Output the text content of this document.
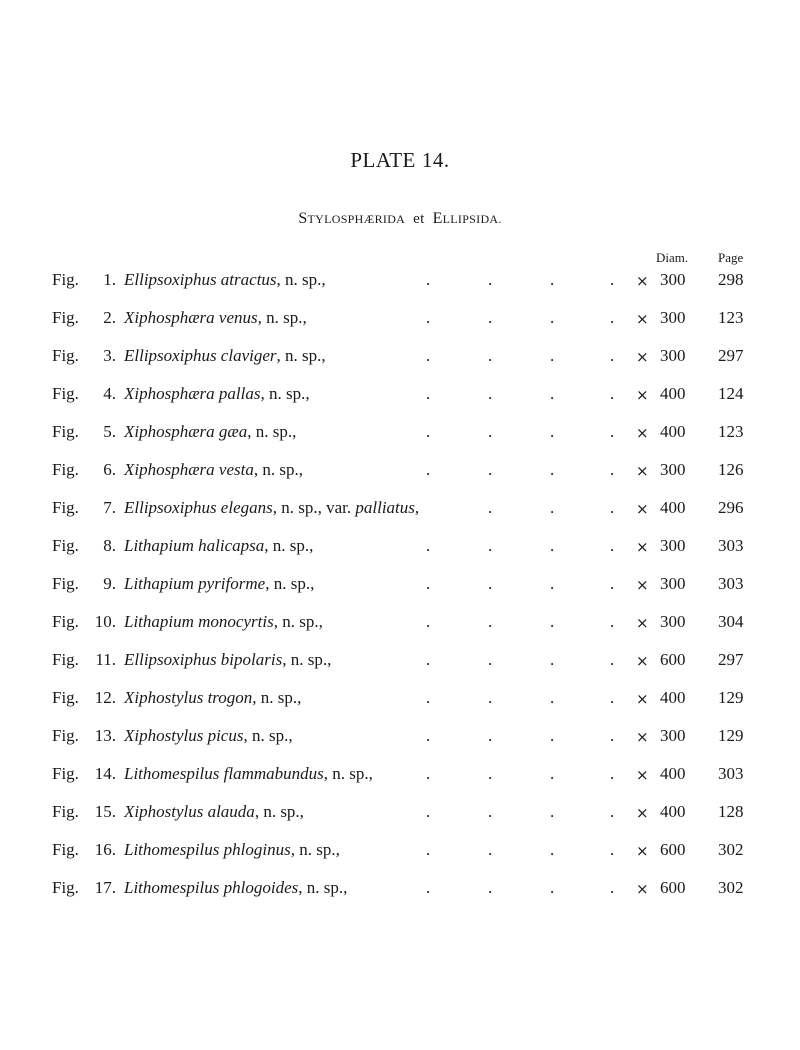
PLATE 14.
STYLOSPHÆRIDA et ELLIPSIDA.
Diam. Page
Fig.	1. Ellipsoxiphus atractus, n. sp.,	.	.	.	. × 300 298
Fig.	2. Xiphosphæra venus, n. sp.,	.	.	.	. × 300 123
Fig.	3. Ellipsoxiphus claviger, n. sp.,	.	.	.	. × 300 297
Fig.	4. Xiphosphæra pallas, n. sp.,	.	.	.	. × 400 124
Fig.	5. Xiphosphæra gæa, n. sp.,	.	.	.	. × 400 123
Fig.	6. Xiphosphæra vesta, n. sp.,	.	.	.	. × 300 126
Fig.	7. Ellipsoxiphus elegans, n. sp., var. palliatus,	.	.	. × 400 296
Fig.	8. Lithapium halicapsa, n. sp.,	.	.	.	. × 300 303
Fig.	9. Lithapium pyriforme, n. sp.,	.	.	.	. × 300 303
Fig. 10. Lithapium monocyrtis, n. sp.,	.	.	.	. × 300 304
Fig. 11. Ellipsoxiphus bipolaris, n. sp.,	.	.	.	. × 600 297
Fig. 12. Xiphostylus trogon, n. sp.,	.	.	.	. × 400 129
Fig. 13. Xiphostylus picus, n. sp.,	.	.	.	. × 300 129
Fig. 14. Lithomespilus flammabundus, n. sp.,	.	.	.	. × 400 303
Fig. 15. Xiphostylus alauda, n. sp.,	.	.	.	. × 400 128
Fig. 16. Lithomespilus phloginus, n. sp.,	.	.	.	. × 600 302
Fig. 17. Lithomespilus phlogoides, n. sp.,	.	.	.	. × 600 302
